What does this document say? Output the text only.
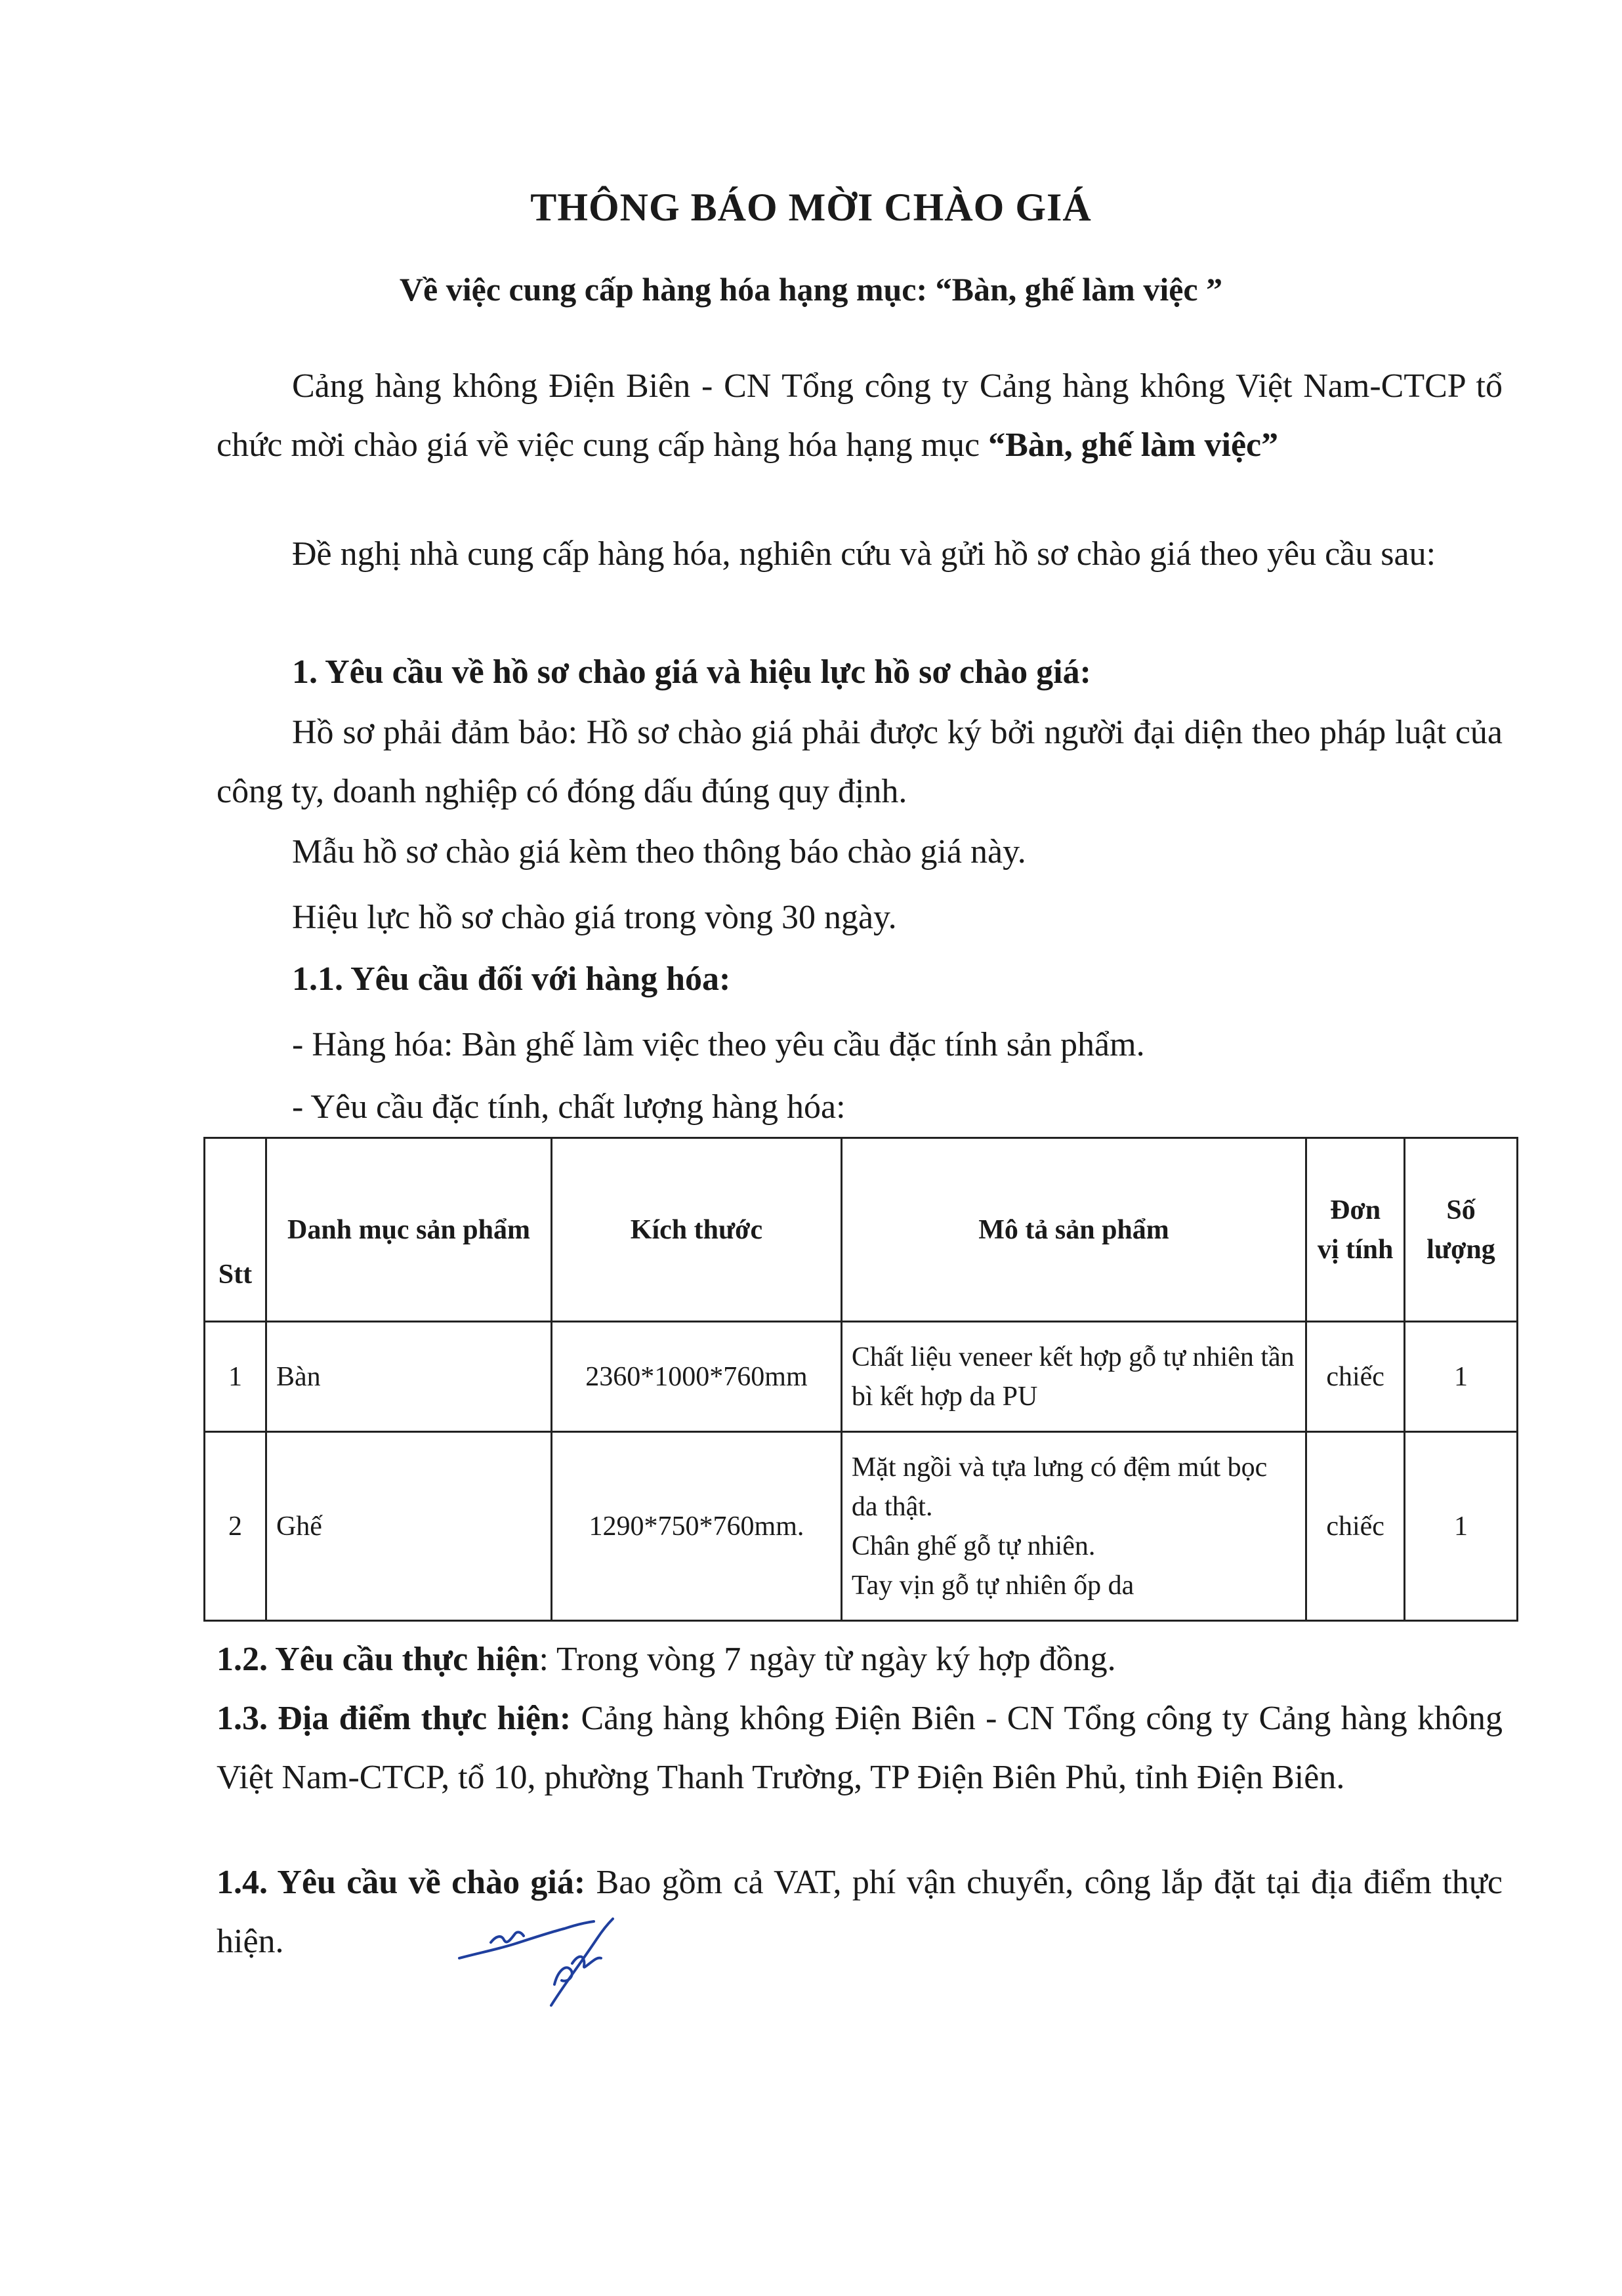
THÔNG BÁO MỜI CHÀO GIÁ
Về việc cung cấp hàng hóa hạng mục: “Bàn, ghế làm việc ”

Cảng hàng không Điện Biên - CN Tổng công ty Cảng hàng không Việt Nam-CTCP tổ chức mời chào giá về việc cung cấp hàng hóa hạng mục “Bàn, ghế làm việc”

Đề nghị nhà cung cấp hàng hóa, nghiên cứu và gửi hồ sơ chào giá theo yêu cầu sau:

1. Yêu cầu về hồ sơ chào giá và hiệu lực hồ sơ chào giá:

Hồ sơ phải đảm bảo: Hồ sơ chào giá phải được ký bởi người đại diện theo pháp luật của công ty, doanh nghiệp có đóng dấu đúng quy định.

Mẫu hồ sơ chào giá kèm theo thông báo chào giá này.

Hiệu lực hồ sơ chào giá trong vòng 30 ngày.

1.1. Yêu cầu đối với hàng hóa:

- Hàng hóa: Bàn ghế làm việc theo yêu cầu đặc tính sản phẩm.

- Yêu cầu đặc tính, chất lượng hàng hóa:

Stt	Danh mục sản phẩm	Kích thước	Mô tả sản phẩm	Đơn vị tính	Số lượng
1	Bàn	2360*1000*760mm	Chất liệu veneer kết hợp gỗ tự nhiên tần bì kết hợp da PU	chiếc	1
2	Ghế	1290*750*760mm.	Mặt ngồi và tựa lưng có đệm mút bọc da thật.
Chân ghế gỗ tự nhiên.
Tay vịn gỗ tự nhiên ốp da	chiếc	1

1.2. Yêu cầu thực hiện: Trong vòng 7 ngày từ ngày ký hợp đồng.

1.3. Địa điểm thực hiện: Cảng hàng không Điện Biên - CN Tổng công ty Cảng hàng không Việt Nam-CTCP, tổ 10, phường Thanh Trường, TP Điện Biên Phủ, tỉnh Điện Biên.

1.4. Yêu cầu về chào giá: Bao gồm cả VAT, phí vận chuyển, công lắp đặt tại địa điểm thực hiện.
